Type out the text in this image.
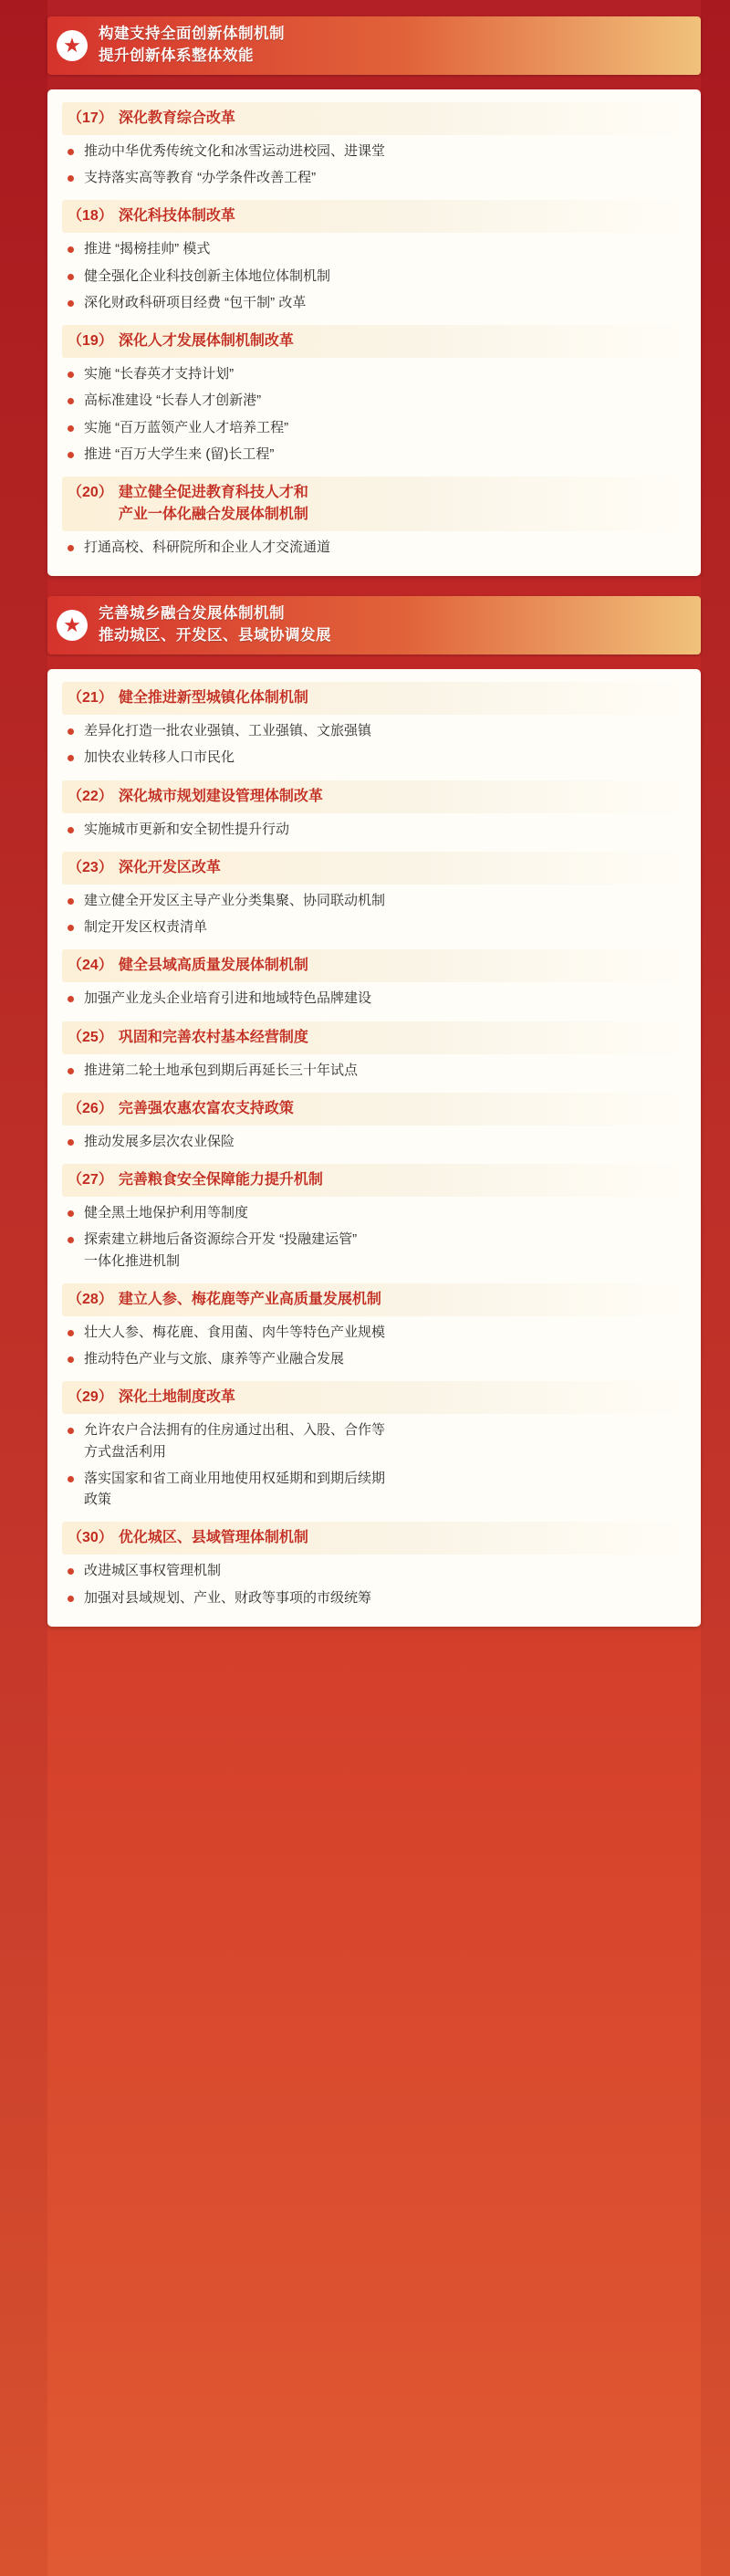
★	构建支持全面创新体制机制
提升创新体系整体效能
（17） 深化教育综合改革
推动中华优秀传统文化和冰雪运动进校园、进课堂
支持落实高等教育 “办学条件改善工程”
（18） 深化科技体制改革
推进 “揭榜挂帅” 模式
健全强化企业科技创新主体地位体制机制
深化财政科研项目经费 “包干制” 改革
（19） 深化人才发展体制机制改革
实施 “长春英才支持计划”
高标准建设 “长春人才创新港”
实施 “百万蓝领产业人才培养工程”
推进 “百万大学生来 (留)长工程”
（20） 建立健全促进教育科技人才和
产业一体化融合发展体制机制
打通高校、科研院所和企业人才交流通道
★	完善城乡融合发展体制机制
推动城区、开发区、县域协调发展
（21） 健全推进新型城镇化体制机制
差异化打造一批农业强镇、工业强镇、文旅强镇
加快农业转移人口市民化
（22） 深化城市规划建设管理体制改革
实施城市更新和安全韧性提升行动
（23） 深化开发区改革
建立健全开发区主导产业分类集聚、协同联动机制
制定开发区权责清单
（24） 健全县域高质量发展体制机制
加强产业龙头企业培育引进和地域特色品牌建设
（25） 巩固和完善农村基本经营制度
推进第二轮土地承包到期后再延长三十年试点
（26） 完善强农惠农富农支持政策
推动发展多层次农业保险
（27） 完善粮食安全保障能力提升机制
健全黑土地保护利用等制度
探索建立耕地后备资源综合开发 “投融建运管”
一体化推进机制
（28） 建立人参、梅花鹿等产业高质量发展机制
壮大人参、梅花鹿、食用菌、肉牛等特色产业规模
推动特色产业与文旅、康养等产业融合发展
（29） 深化土地制度改革
允许农户合法拥有的住房通过出租、入股、合作等
方式盘活利用
落实国家和省工商业用地使用权延期和到期后续期
政策
（30） 优化城区、县域管理体制机制
改进城区事权管理机制
加强对县域规划、产业、财政等事项的市级统筹
